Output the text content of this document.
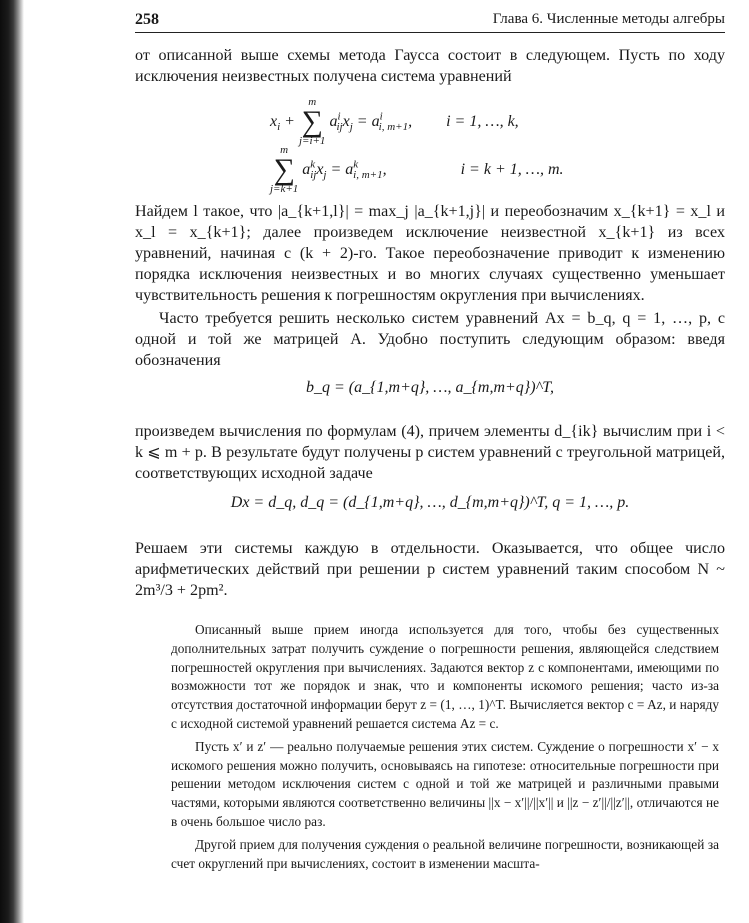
258	Глава 6. Численные методы алгебры

от описанной выше схемы метода Гаусса состоит в следующем. Пусть по ходу исключения неизвестных получена система уравнений

$x_i$ +
m
∑
j=i+1
$a^i_{ij}x_j = a^i_{i, m+1}$, i = 1, …, k,
m
∑
j=k+1
$a^k_{ij}x_j = a^k_{i, m+1}$,	i = k + 1, …, m.

Найдем l такое, что |a_{k+1,l}| = max_j |a_{k+1,j}| и переобозначим x_{k+1} = x_l и x_l = x_{k+1}; далее произведем исключение неизвестной x_{k+1} из всех уравнений, начиная с (k + 2)-го. Такое переобозначение приводит к изменению порядка исключения неизвестных и во многих случаях существенно уменьшает чувствительность решения к погрешностям округления при вычислениях.

Часто требуется решить несколько систем уравнений Ax = b_q, q = 1, …, p, с одной и той же матрицей A. Удобно поступить следующим образом: введя обозначения

b_q = (a_{1,m+q}, …, a_{m,m+q})^T,

произведем вычисления по формулам (4), причем элементы d_{ik} вычислим при i < k ⩽ m + p. В результате будут получены p систем уравнений с треугольной матрицей, соответствующих исходной задаче

Dx = d_q, d_q = (d_{1,m+q}, …, d_{m,m+q})^T, q = 1, …, p.

Решаем эти системы каждую в отдельности. Оказывается, что общее число арифметических действий при решении p систем уравнений таким способом N ~ 2m³/3 + 2pm².

Описанный выше прием иногда используется для того, чтобы без существенных дополнительных затрат получить суждение о погрешности решения, являющейся следствием погрешностей округления при вычислениях. Задаются вектор z с компонентами, имеющими по возможности тот же порядок и знак, что и компоненты искомого решения; часто из-за отсутствия достаточной информации берут z = (1, …, 1)^T. Вычисляется вектор c = Az, и наряду с исходной системой уравнений решается система Az = c.

Пусть x′ и z′ — реально получаемые решения этих систем. Суждение о погрешности x′ − x искомого решения можно получить, основываясь на гипотезе: относительные погрешности при решении методом исключения систем с одной и той же матрицей и различными правыми частями, которыми являются соответственно величины ||x − x′||/||x′|| и ||z − z′||/||z′||, отличаются не в очень большое число раз.

Другой прием для получения суждения о реальной величине погрешности, возникающей за счет округлений при вычислениях, состоит в изменении масшта-
